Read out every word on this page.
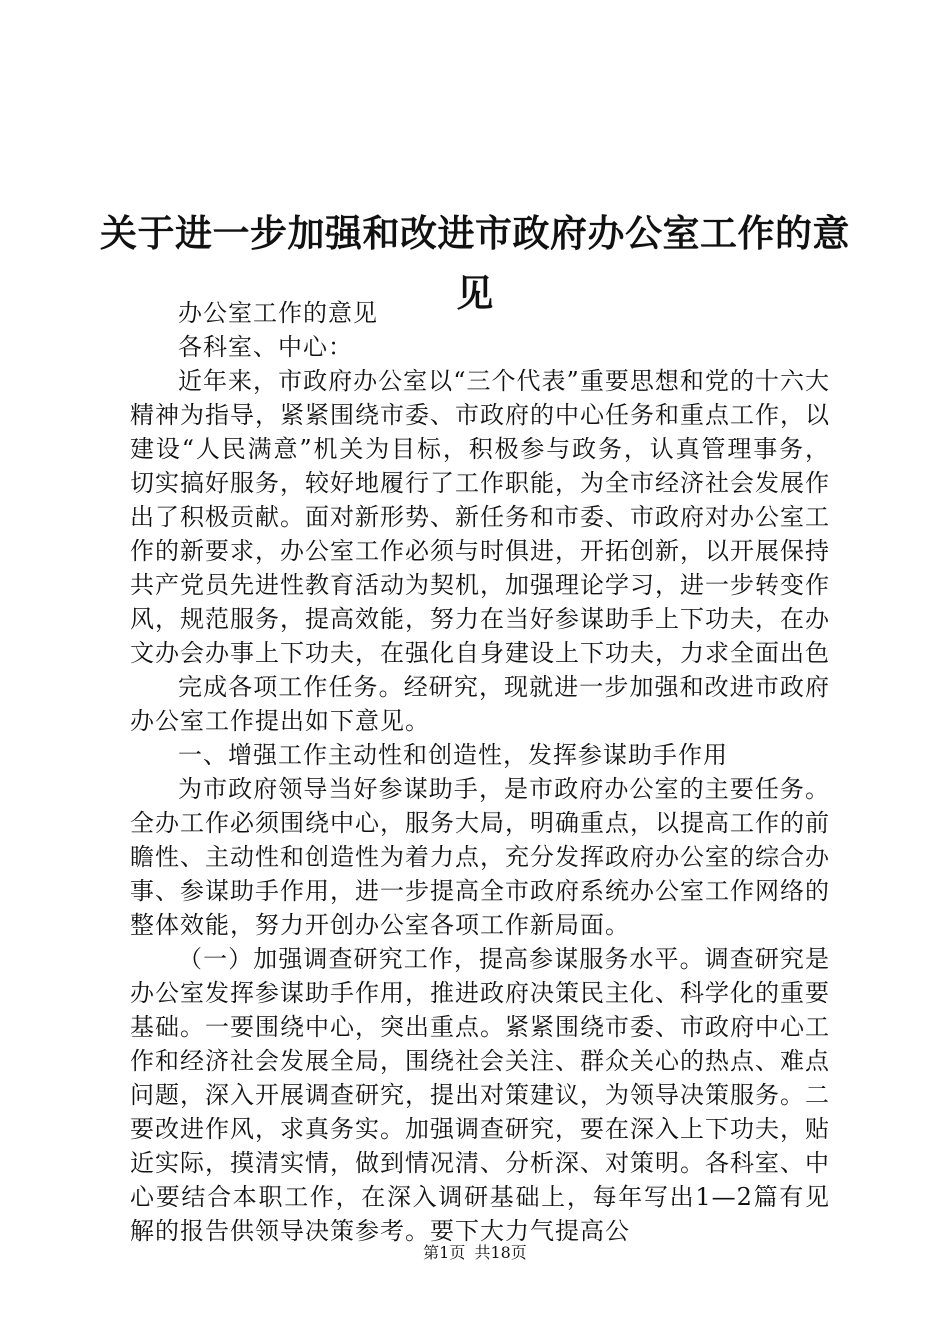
关于进一步加强和改进市政府办公室工作的意见

办公室工作的意见

各科室、中心：

近年来，市政府办公室以“三个代表”重要思想和党的十六大精神为指导，紧紧围绕市委、市政府的中心任务和重点工作，以建设“人民满意”机关为目标，积极参与政务，认真管理事务，切实搞好服务，较好地履行了工作职能，为全市经济社会发展作出了积极贡献。面对新形势、新任务和市委、市政府对办公室工作的新要求，办公室工作必须与时俱进，开拓创新，以开展保持共产党员先进性教育活动为契机，加强理论学习，进一步转变作风，规范服务，提高效能，努力在当好参谋助手上下功夫，在办文办会办事上下功夫，在强化自身建设上下功夫，力求全面出色

完成各项工作任务。经研究，现就进一步加强和改进市政府办公室工作提出如下意见。

一、增强工作主动性和创造性，发挥参谋助手作用

为市政府领导当好参谋助手，是市政府办公室的主要任务。全办工作必须围绕中心，服务大局，明确重点，以提高工作的前瞻性、主动性和创造性为着力点，充分发挥政府办公室的综合办事、参谋助手作用，进一步提高全市政府系统办公室工作网络的整体效能，努力开创办公室各项工作新局面。

（一）加强调查研究工作，提高参谋服务水平。调查研究是办公室发挥参谋助手作用，推进政府决策民主化、科学化的重要基础。一要围绕中心，突出重点。紧紧围绕市委、市政府中心工作和经济社会发展全局，围绕社会关注、群众关心的热点、难点问题，深入开展调查研究，提出对策建议，为领导决策服务。二要改进作风，求真务实。加强调查研究，要在深入上下功夫，贴近实际，摸清实情，做到情况清、分析深、对策明。各科室、中心要结合本职工作，在深入调研基础上，每年写出1—2篇有见解的报告供领导决策参考。要下大力气提高公

第1页 共18页
